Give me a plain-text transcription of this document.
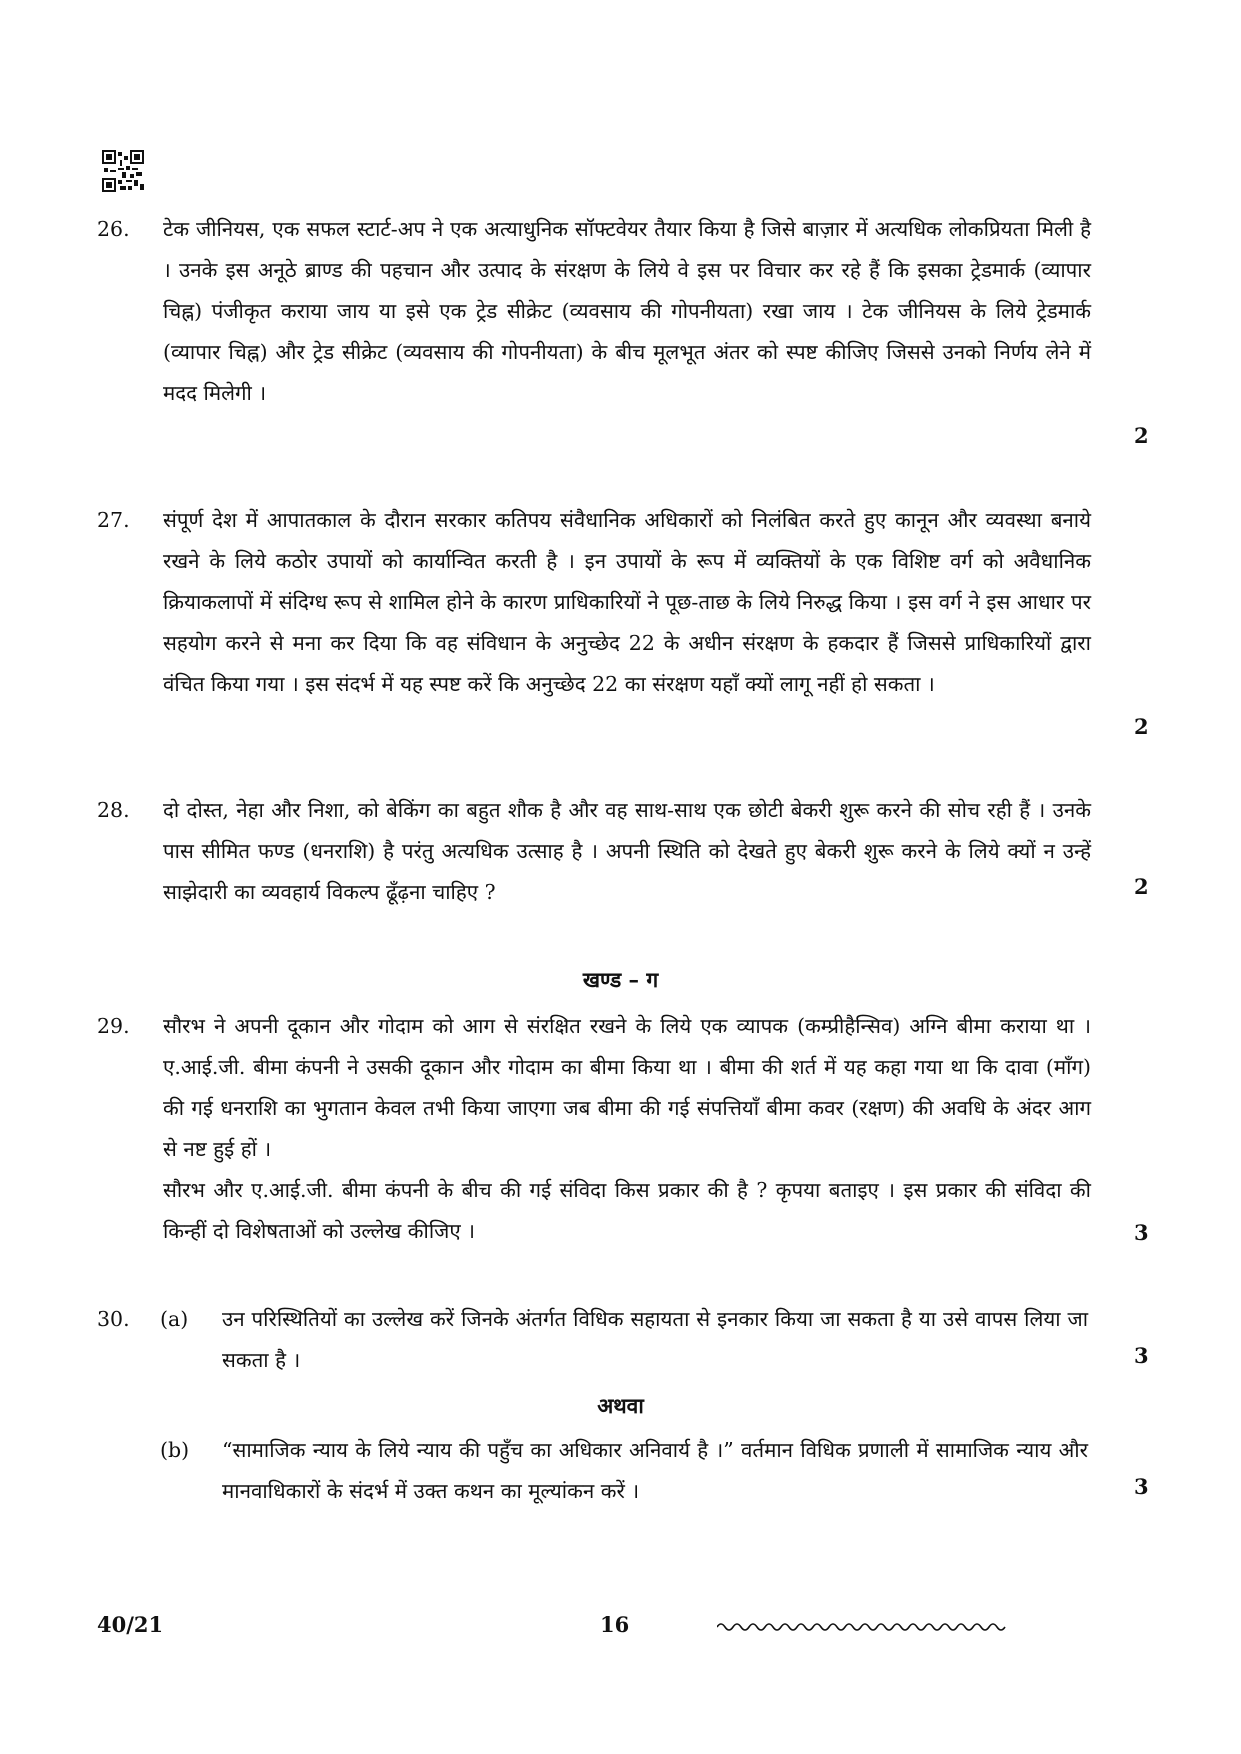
26.	टेक जीनियस, एक सफल स्टार्ट-अप ने एक अत्याधुनिक सॉफ्टवेयर तैयार किया है जिसे बाज़ार में अत्यधिक लोकप्रियता मिली है । उनके इस अनूठे ब्राण्ड की पहचान और उत्पाद के संरक्षण के लिये वे इस पर विचार कर रहे हैं कि इसका ट्रेडमार्क (व्यापार चिह्न) पंजीकृत कराया जाय या इसे एक ट्रेड सीक्रेट (व्यवसाय की गोपनीयता) रखा जाय । टेक जीनियस के लिये ट्रेडमार्क (व्यापार चिह्न) और ट्रेड सीक्रेट (व्यवसाय की गोपनीयता) के बीच मूलभूत अंतर को स्पष्ट कीजिए जिससे उनको निर्णय लेने में मदद मिलेगी ।

2
27.	संपूर्ण देश में आपातकाल के दौरान सरकार कतिपय संवैधानिक अधिकारों को निलंबित करते हुए कानून और व्यवस्था बनाये रखने के लिये कठोर उपायों को कार्यान्वित करती है । इन उपायों के रूप में व्यक्तियों के एक विशिष्ट वर्ग को अवैधानिक क्रियाकलापों में संदिग्ध रूप से शामिल होने के कारण प्राधिकारियों ने पूछ-ताछ के लिये निरुद्ध किया । इस वर्ग ने इस आधार पर सहयोग करने से मना कर दिया कि वह संविधान के अनुच्छेद 22 के अधीन संरक्षण के हकदार हैं जिससे प्राधिकारियों द्वारा वंचित किया गया । इस संदर्भ में यह स्पष्ट करें कि अनुच्छेद 22 का संरक्षण यहाँ क्यों लागू नहीं हो सकता ।

2
28.	दो दोस्त, नेहा और निशा, को बेकिंग का बहुत शौक है और वह साथ-साथ एक छोटी बेकरी शुरू करने की सोच रही हैं । उनके पास सीमित फण्ड (धनराशि) है परंतु अत्यधिक उत्साह है । अपनी स्थिति को देखते हुए बेकरी शुरू करने के लिये क्यों न उन्हें साझेदारी का व्यवहार्य विकल्प ढूँढ़ना चाहिए ?	2
खण्ड – ग
29.	सौरभ ने अपनी दूकान और गोदाम को आग से संरक्षित रखने के लिये एक व्यापक (कम्प्रीहैन्सिव) अग्नि बीमा कराया था । ए.आई.जी. बीमा कंपनी ने उसकी दूकान और गोदाम का बीमा किया था । बीमा की शर्त में यह कहा गया था कि दावा (माँग) की गई धनराशि का भुगतान केवल तभी किया जाएगा जब बीमा की गई संपत्तियाँ बीमा कवर (रक्षण) की अवधि के अंदर आग से नष्ट हुई हों ।

सौरभ और ए.आई.जी. बीमा कंपनी के बीच की गई संविदा किस प्रकार की है ? कृपया बताइए । इस प्रकार की संविदा की किन्हीं दो विशेषताओं को उल्लेख कीजिए ।	3
30.	(a) उन परिस्थितियों का उल्लेख करें जिनके अंतर्गत विधिक सहायता से इनकार किया जा सकता है या उसे वापस लिया जा सकता है ।	3
अथवा
(b) “सामाजिक न्याय के लिये न्याय की पहुँच का अधिकार अनिवार्य है ।” वर्तमान विधिक प्रणाली में सामाजिक न्याय और मानवाधिकारों के संदर्भ में उक्त कथन का मूल्यांकन करें ।	3
40/21	16
